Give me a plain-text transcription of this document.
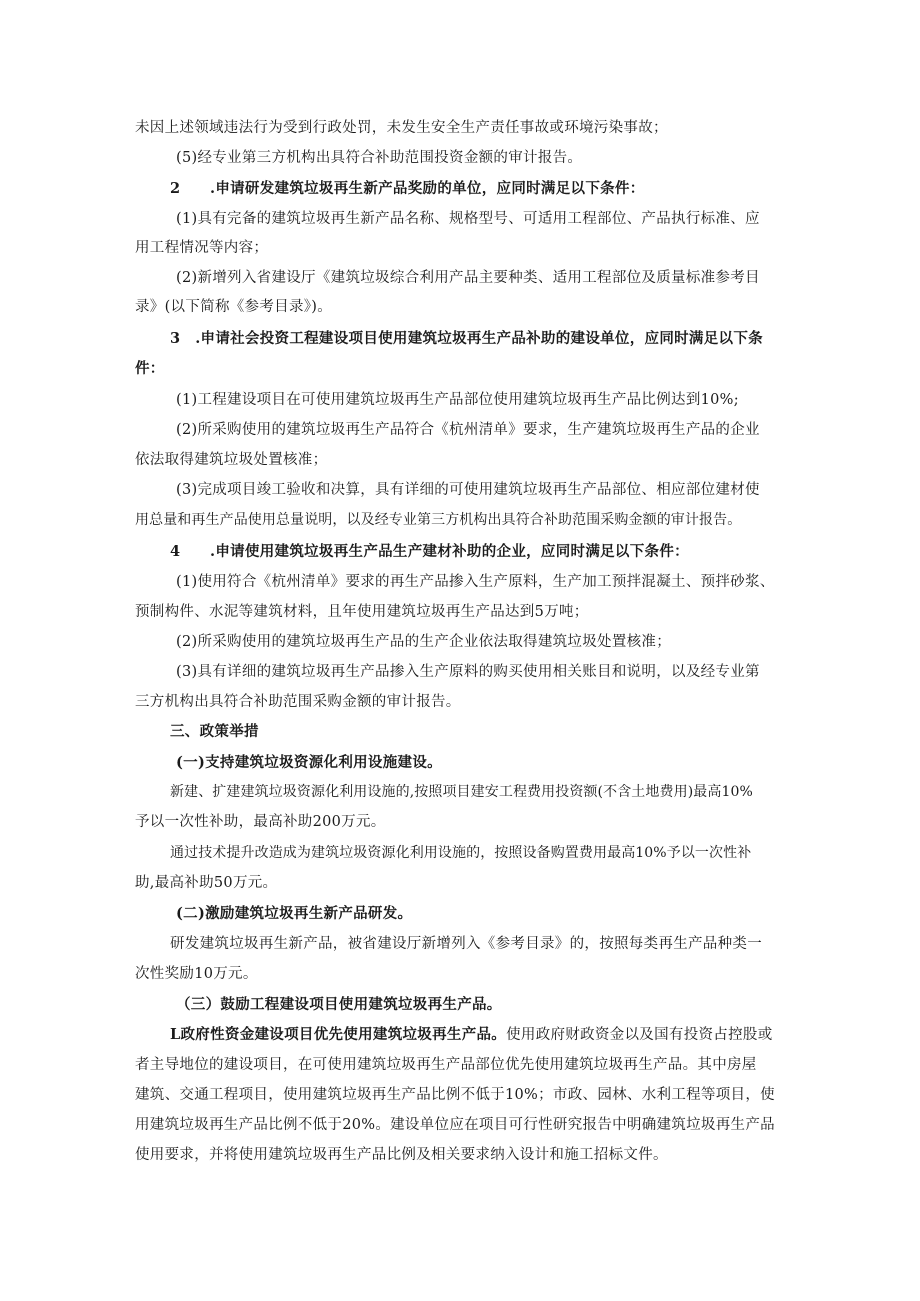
未因上述领域违法行为受到行政处罚，未发生安全生产责任事故或环境污染事故；
(5)经专业第三方机构出具符合补助范围投资金额的审计报告。
2　　.申请研发建筑垃圾再生新产品奖励的单位，应同时满足以下条件：
(1)具有完备的建筑垃圾再生新产品名称、规格型号、可适用工程部位、产品执行标准、应
用工程情况等内容；
(2)新增列入省建设厅《建筑垃圾综合利用产品主要种类、适用工程部位及质量标准参考目
录》(以下简称《参考目录》)。
3　.申请社会投资工程建设项目使用建筑垃圾再生产品补助的建设单位，应同时满足以下条
件：
(1)工程建设项目在可使用建筑垃圾再生产品部位使用建筑垃圾再生产品比例达到10%;
(2)所采购使用的建筑垃圾再生产品符合《杭州清单》要求，生产建筑垃圾再生产品的企业
依法取得建筑垃圾处置核准；
(3)完成项目竣工验收和决算，具有详细的可使用建筑垃圾再生产品部位、相应部位建材使
用总量和再生产品使用总量说明，以及经专业第三方机构出具符合补助范围采购金额的审计报告。
4　　.申请使用建筑垃圾再生产品生产建材补助的企业，应同时满足以下条件：
(1)使用符合《杭州清单》要求的再生产品掺入生产原料，生产加工预拌混凝土、预拌砂浆、
预制构件、水泥等建筑材料，且年使用建筑垃圾再生产品达到5万吨；
(2)所采购使用的建筑垃圾再生产品的生产企业依法取得建筑垃圾处置核准；
(3)具有详细的建筑垃圾再生产品掺入生产原料的购买使用相关账目和说明，以及经专业第
三方机构出具符合补助范围采购金额的审计报告。
三、政策举措
(一)支持建筑垃圾资源化利用设施建设。
新建、扩建建筑垃圾资源化利用设施的,按照项目建安工程费用投资额(不含土地费用)最高10%
予以一次性补助，最高补助200万元。
通过技术提升改造成为建筑垃圾资源化利用设施的，按照设备购置费用最高10%予以一次性补
助,最高补助50万元。
(二)激励建筑垃圾再生新产品研发。
研发建筑垃圾再生新产品，被省建设厅新增列入《参考目录》的，按照每类再生产品种类一
次性奖励10万元。
（三）鼓励工程建设项目使用建筑垃圾再生产品。
L政府性资金建设项目优先使用建筑垃圾再生产品。使用政府财政资金以及国有投资占控股或
者主导地位的建设项目，在可使用建筑垃圾再生产品部位优先使用建筑垃圾再生产品。其中房屋
建筑、交通工程项目，使用建筑垃圾再生产品比例不低于10%；市政、园林、水利工程等项目，使
用建筑垃圾再生产品比例不低于20%。建设单位应在项目可行性研究报告中明确建筑垃圾再生产品
使用要求，并将使用建筑垃圾再生产品比例及相关要求纳入设计和施工招标文件。
